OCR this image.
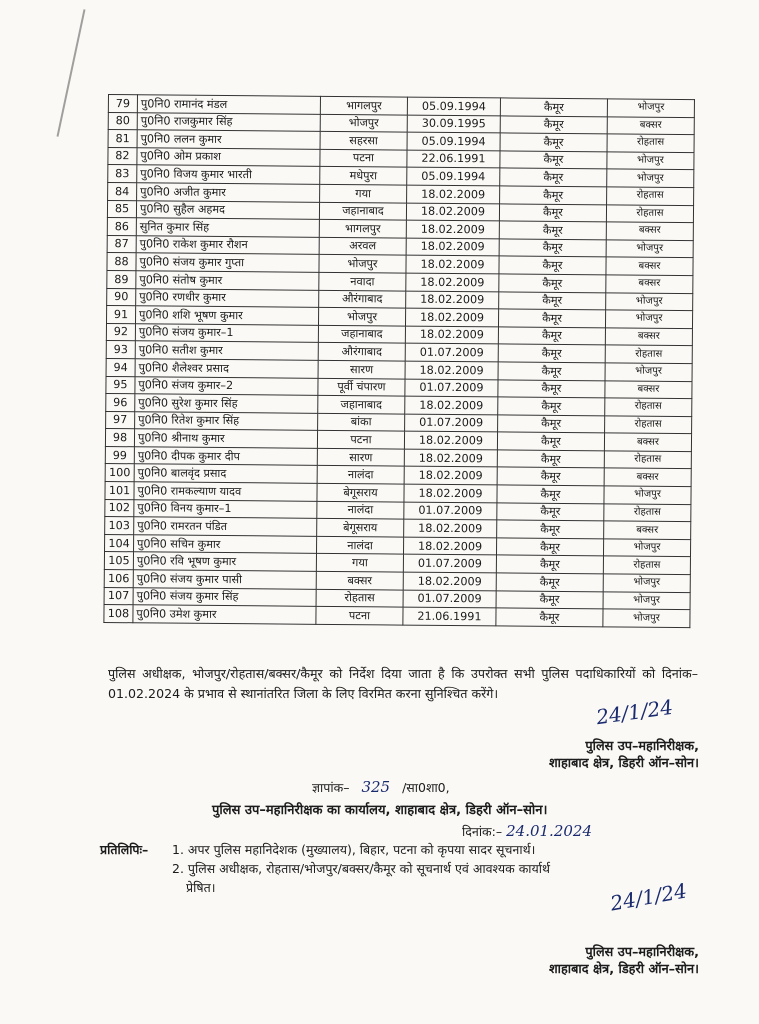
79	पु0नि0 रामानंद मंडल	भागलपुर	05.09.1994	कैमूर	भोजपुर
80	पु0नि0 राजकुमार सिंह	भोजपुर	30.09.1995	कैमूर	बक्सर
81	पु0नि0 ललन कुमार	सहरसा	05.09.1994	कैमूर	रोहतास
82	पु0नि0 ओम प्रकाश	पटना	22.06.1991	कैमूर	भोजपुर
83	पु0नि0 विजय कुमार भारती	मधेपुरा	05.09.1994	कैमूर	भोजपुर
84	पु0नि0 अजीत कुमार	गया	18.02.2009	कैमूर	रोहतास
85	पु0नि0 सुहैल अहमद	जहानाबाद	18.02.2009	कैमूर	रोहतास
86	सुनित कुमार सिंह	भागलपुर	18.02.2009	कैमूर	बक्सर
87	पु0नि0 राकेश कुमार रौशन	अरवल	18.02.2009	कैमूर	भोजपुर
88	पु0नि0 संजय कुमार गुप्ता	भोजपुर	18.02.2009	कैमूर	बक्सर
89	पु0नि0 संतोष कुमार	नवादा	18.02.2009	कैमूर	बक्सर
90	पु0नि0 रणधीर कुमार	औरंगाबाद	18.02.2009	कैमूर	भोजपुर
91	पु0नि0 शशि भूषण कुमार	भोजपुर	18.02.2009	कैमूर	भोजपुर
92	पु0नि0 संजय कुमार–1	जहानाबाद	18.02.2009	कैमूर	बक्सर
93	पु0नि0 सतीश कुमार	औरंगाबाद	01.07.2009	कैमूर	रोहतास
94	पु0नि0 शैलेश्वर प्रसाद	सारण	18.02.2009	कैमूर	भोजपुर
95	पु0नि0 संजय कुमार–2	पूर्वी चंपारण	01.07.2009	कैमूर	बक्सर
96	पु0नि0 सुरेश कुमार सिंह	जहानाबाद	18.02.2009	कैमूर	रोहतास
97	पु0नि0 रितेश कुमार सिंह	बांका	01.07.2009	कैमूर	रोहतास
98	पु0नि0 श्रीनाथ कुमार	पटना	18.02.2009	कैमूर	बक्सर
99	पु0नि0 दीपक कुमार दीप	सारण	18.02.2009	कैमूर	रोहतास
100	पु0नि0 बालवृंद प्रसाद	नालंदा	18.02.2009	कैमूर	बक्सर
101	पु0नि0 रामकल्याण यादव	बेगूसराय	18.02.2009	कैमूर	भोजपुर
102	पु0नि0 विनय कुमार–1	नालंदा	01.07.2009	कैमूर	रोहतास
103	पु0नि0 रामरतन पंडित	बेगूसराय	18.02.2009	कैमूर	बक्सर
104	पु0नि0 सचिन कुमार	नालंदा	18.02.2009	कैमूर	भोजपुर
105	पु0नि0 रवि भूषण कुमार	गया	01.07.2009	कैमूर	रोहतास
106	पु0नि0 संजय कुमार पासी	बक्सर	18.02.2009	कैमूर	भोजपुर
107	पु0नि0 संजय कुमार सिंह	रोहतास	01.07.2009	कैमूर	भोजपुर
108	पु0नि0 उमेश कुमार	पटना	21.06.1991	कैमूर	भोजपुर
पुलिस अधीक्षक, भोजपुर/रोहतास/बक्सर/कैमूर को निर्देश दिया जाता है कि उपरोक्त सभी पुलिस पदाधिकारियों को दिनांक–01.02.2024 के प्रभाव से स्थानांतरित जिला के लिए विरमित करना सुनिश्चित करेंगे।
24/1/24
पुलिस उप–महानिरीक्षक,
शाहाबाद क्षेत्र, डिहरी ऑन–सोन।
ज्ञापांक– 325 /सा0शा0,
पुलिस उप–महानिरीक्षक का कार्यालय, शाहाबाद क्षेत्र, डिहरी ऑन–सोन।
दिनांक:– 24.01.2024
प्रतिलिपिः–	1. अपर पुलिस महानिदेशक (मुख्यालय), बिहार, पटना को कृपया सादर सूचनार्थ।
2. पुलिस अधीक्षक, रोहतास/भोजपुर/बक्सर/कैमूर को सूचनार्थ एवं आवश्यक कार्यार्थ
प्रेषित।	24/1/24
पुलिस उप–महानिरीक्षक,
शाहाबाद क्षेत्र, डिहरी ऑन–सोन।
